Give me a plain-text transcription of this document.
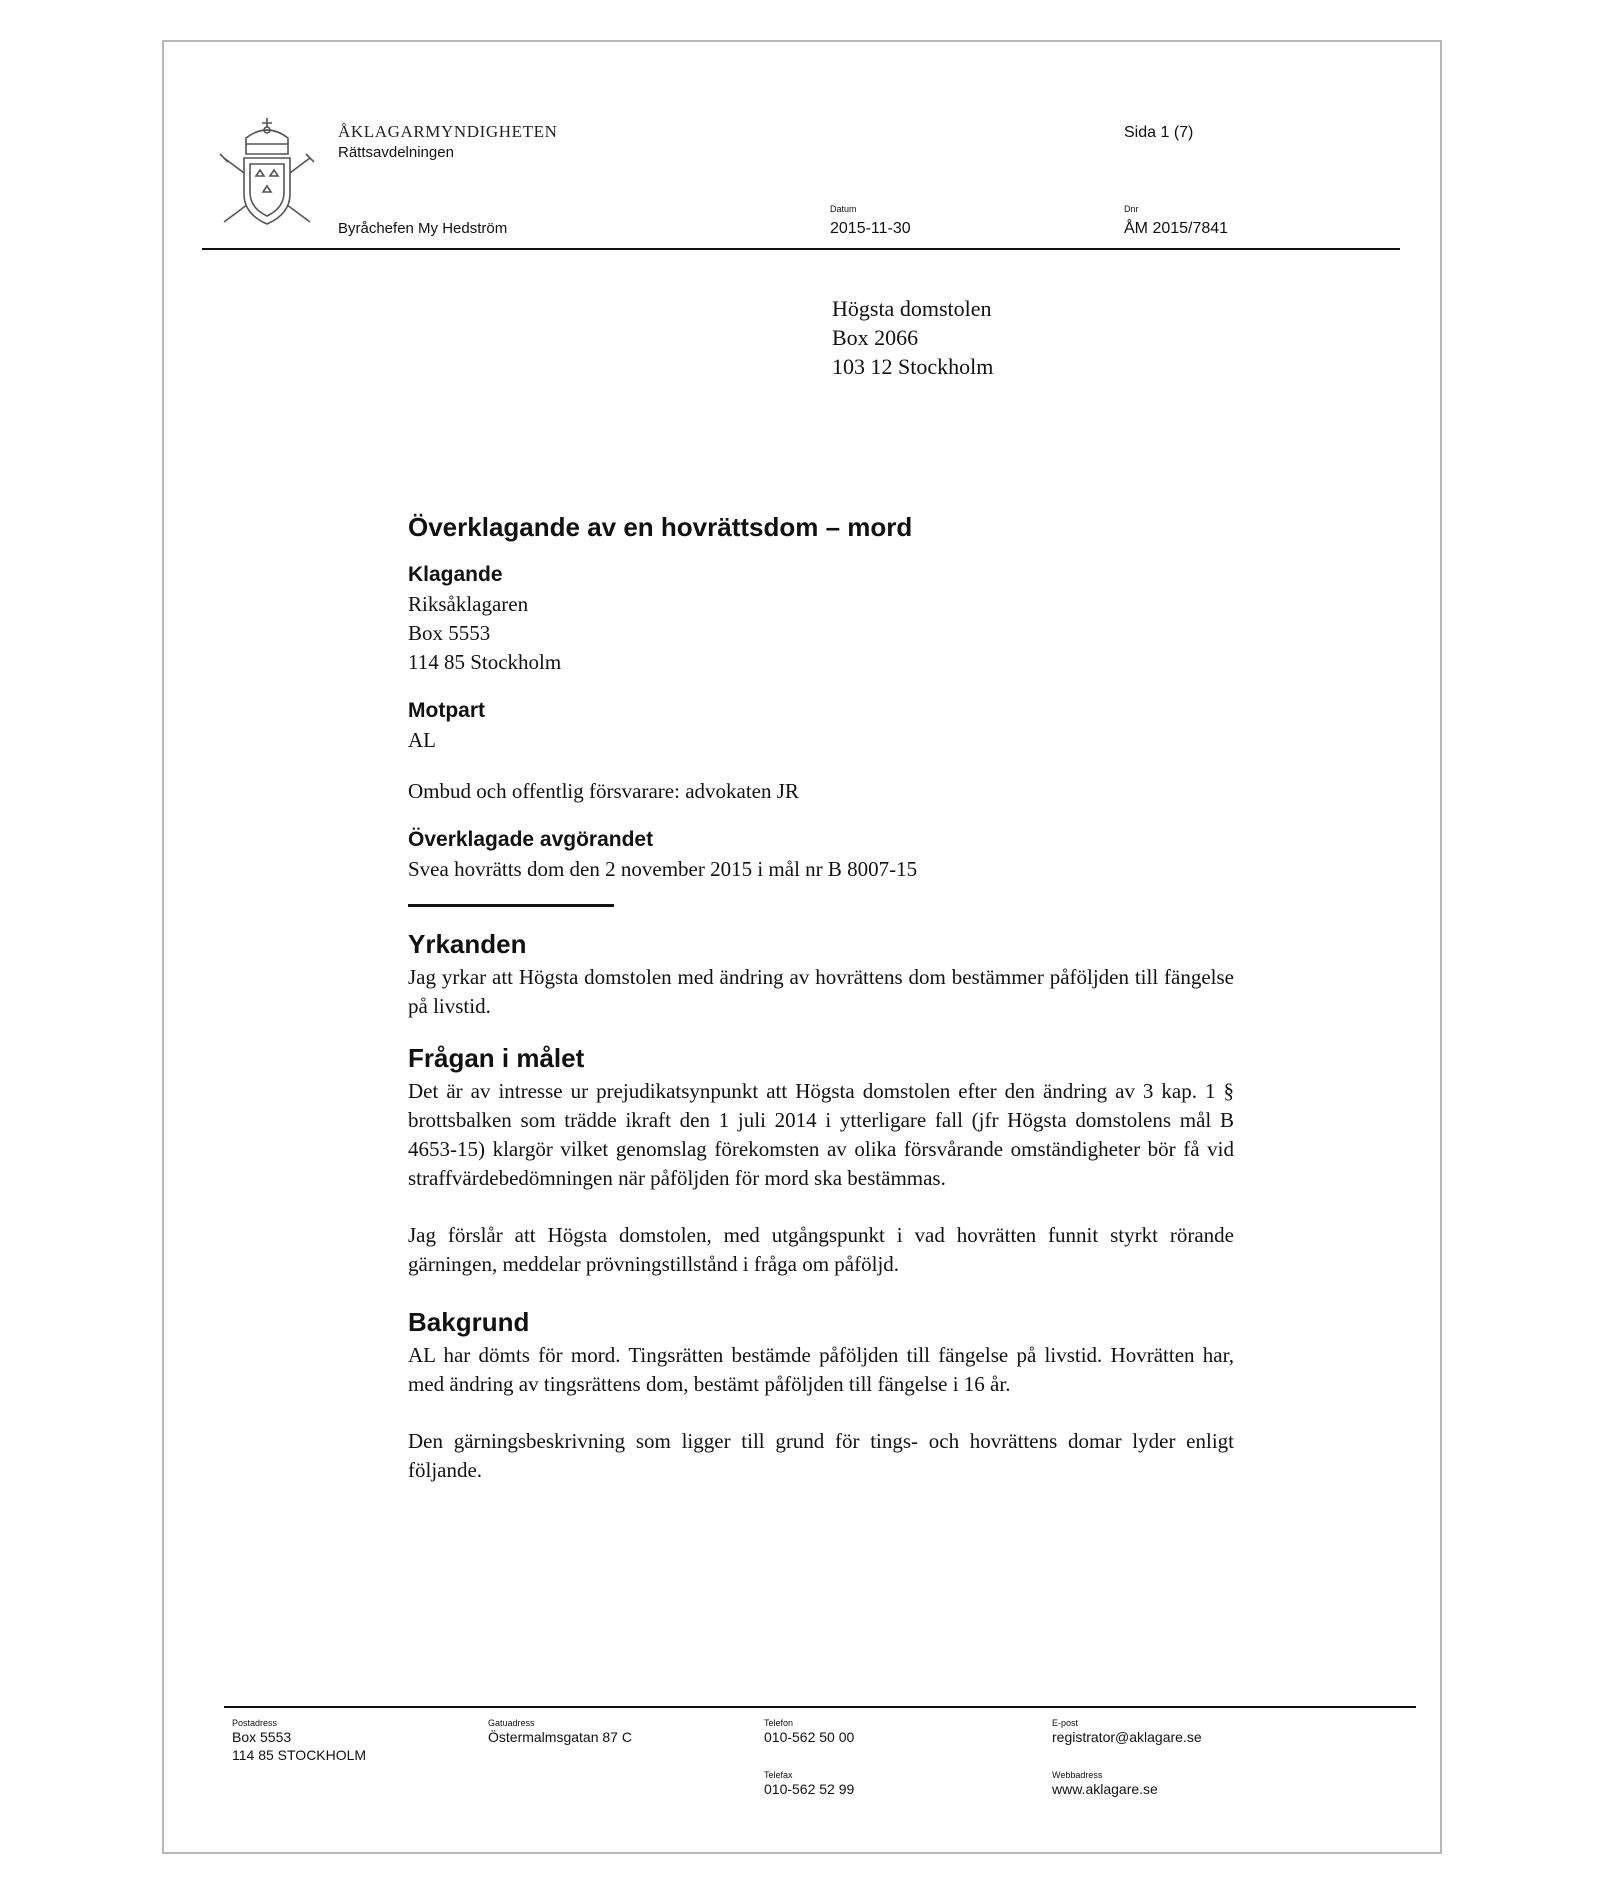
ÅKLAGARMYNDIGHETEN
Rättsavdelningen
Sida 1 (7)
Byråchefen My Hedström
Datum
2015-11-30
Dnr
ÅM 2015/7841
Högsta domstolen
Box 2066
103 12 Stockholm
Överklagande av en hovrättsdom – mord
Klagande
Riksåklagaren
Box 5553
114 85 Stockholm
Motpart
AL
Ombud och offentlig försvarare: advokaten JR
Överklagade avgörandet
Svea hovrätts dom den 2 november 2015 i mål nr B 8007-15
Yrkanden

Jag yrkar att Högsta domstolen med ändring av hovrättens dom bestämmer påföljden till fängelse på livstid.

Frågan i målet

Det är av intresse ur prejudikatsynpunkt att Högsta domstolen efter den ändring av 3 kap. 1 § brottsbalken som trädde ikraft den 1 juli 2014 i ytterligare fall (jfr Högsta domstolens mål B 4653-15) klargör vilket genomslag förekomsten av olika försvårande omständigheter bör få vid straffvärdebedömningen när påföljden för mord ska bestämmas.

Jag förslår att Högsta domstolen, med utgångspunkt i vad hovrätten funnit styrkt rörande gärningen, meddelar prövningstillstånd i fråga om påföljd.

Bakgrund

AL har dömts för mord. Tingsrätten bestämde påföljden till fängelse på livstid. Hovrätten har, med ändring av tingsrättens dom, bestämt påföljden till fängelse i 16 år.

Den gärningsbeskrivning som ligger till grund för tings- och hovrättens domar lyder enligt följande.

Postadress
Box 5553
114 85 STOCKHOLM
Gatuadress
Östermalmsgatan 87 C
Telefon
010-562 50 00
Telefax
010-562 52 99
E-post
registrator@aklagare.se
Webbadress
www.aklagare.se
